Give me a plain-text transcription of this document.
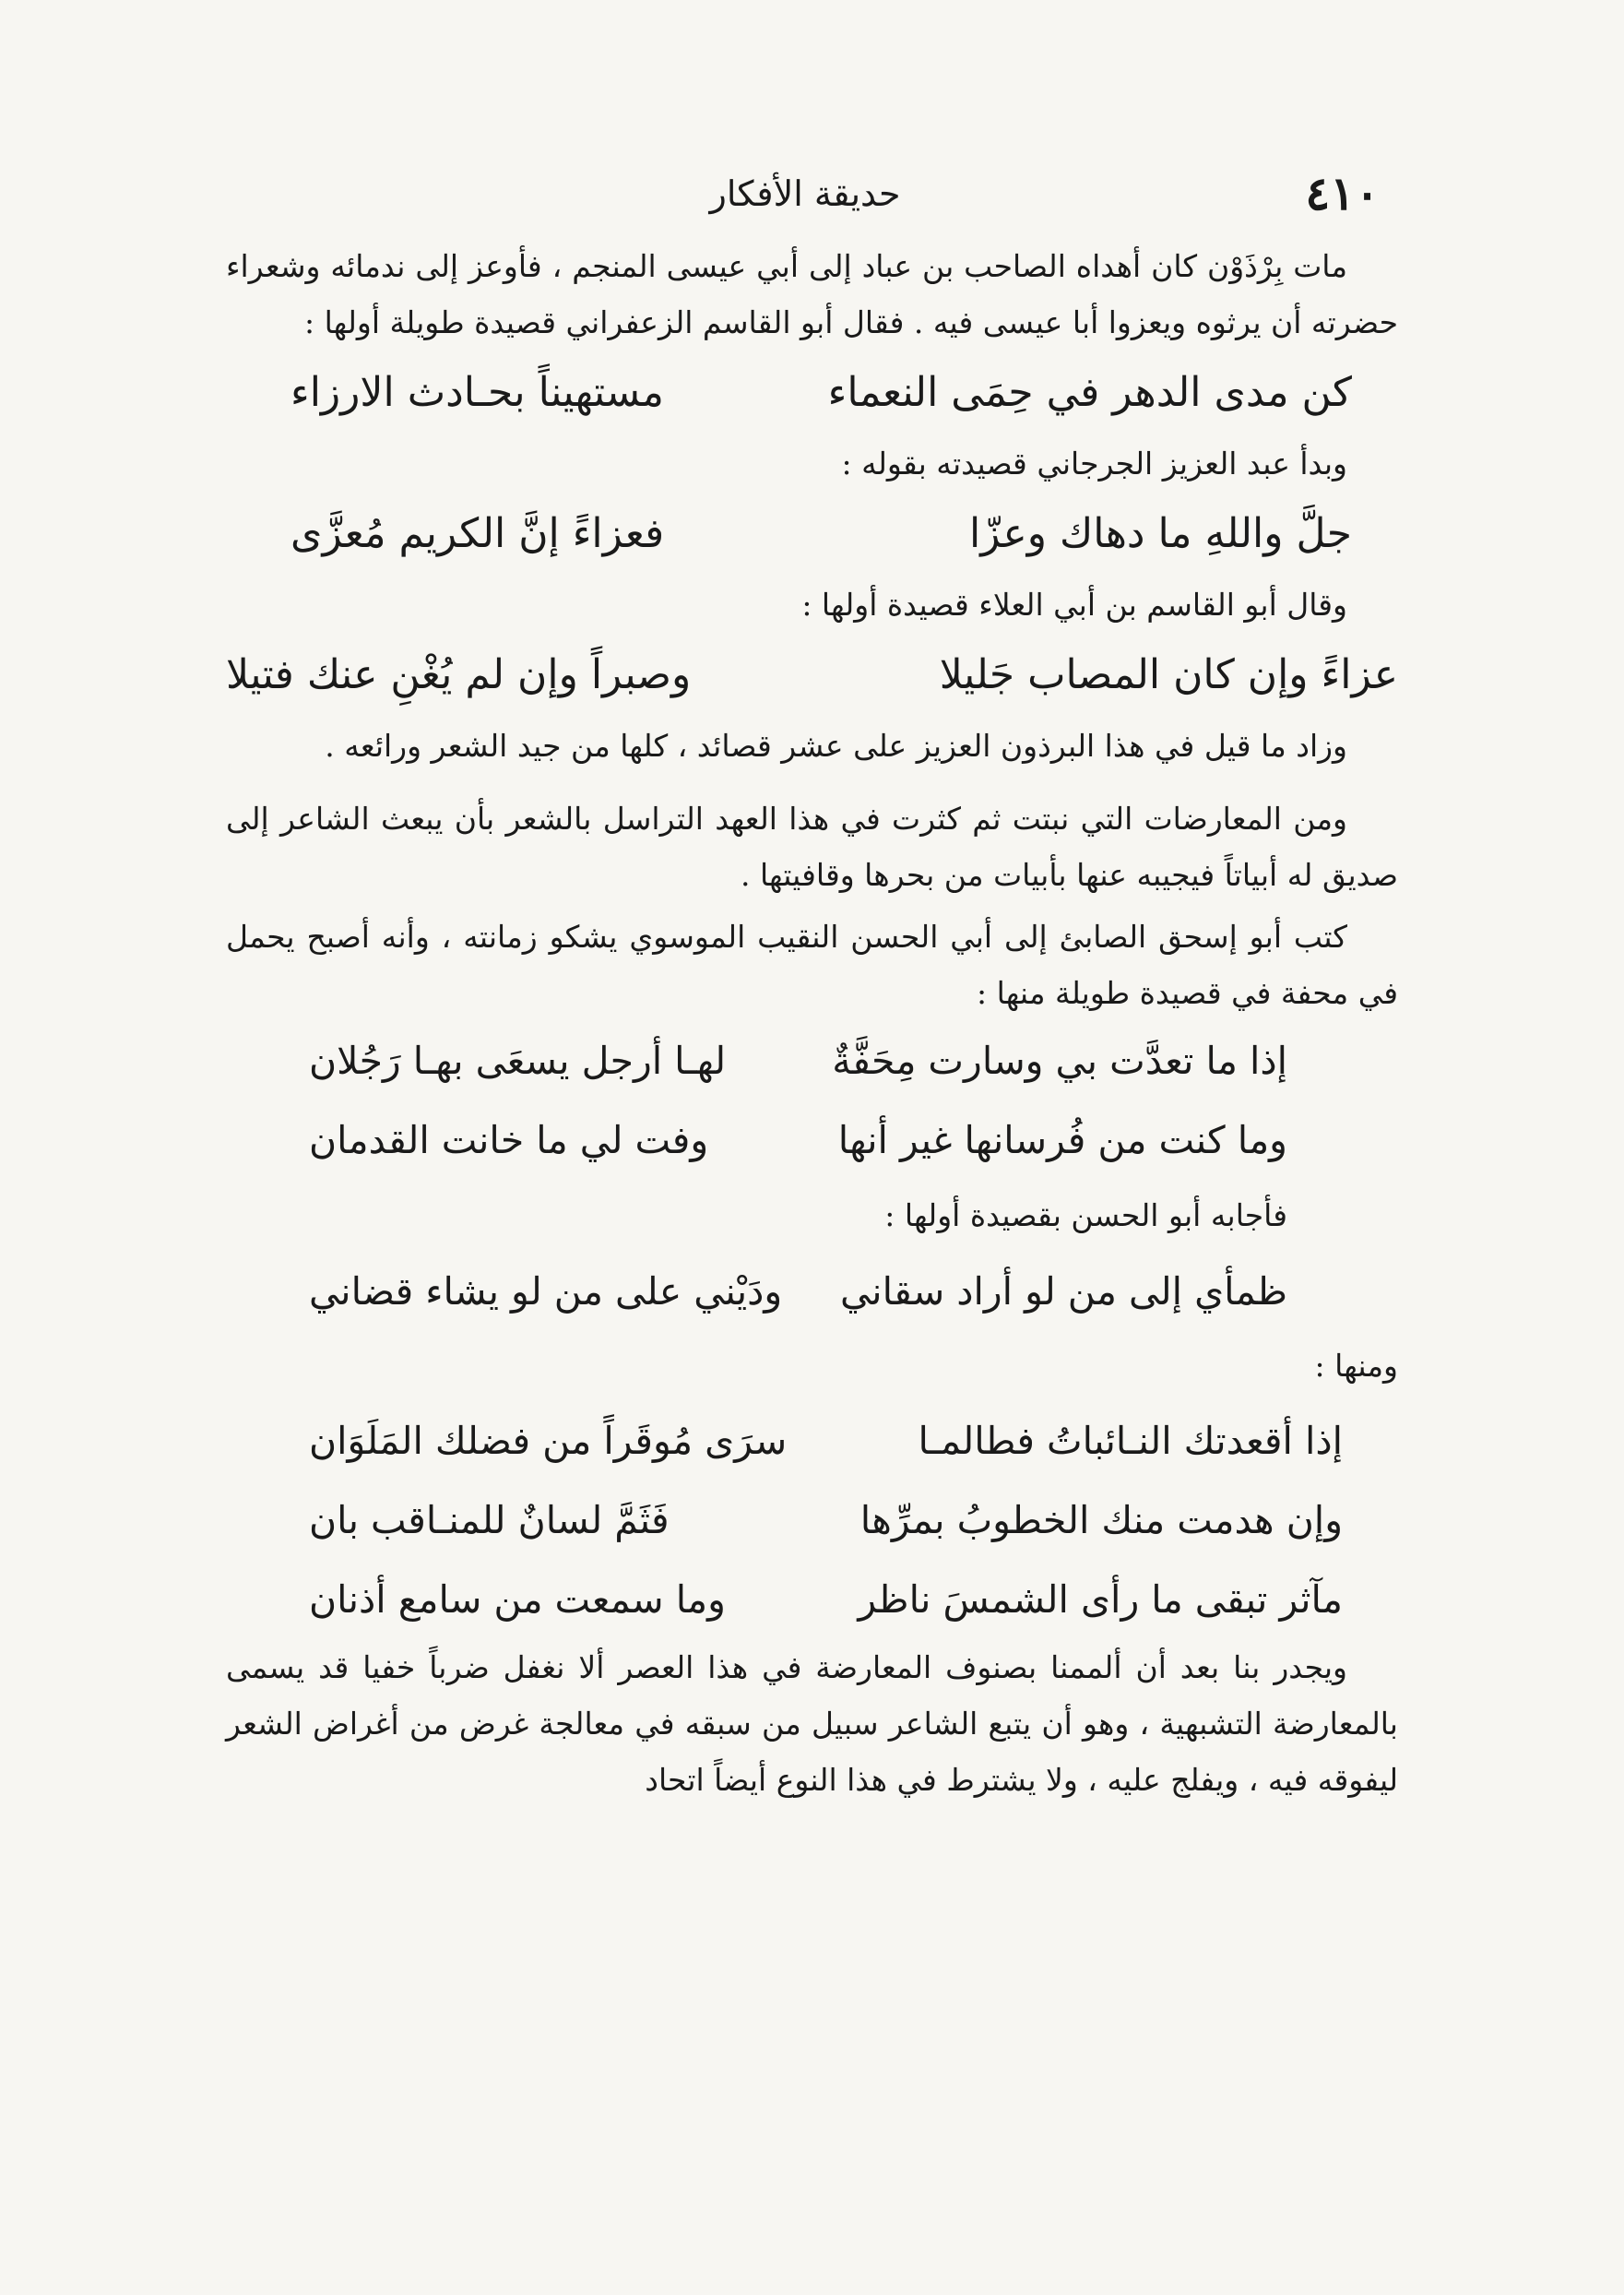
٤١٠
حديقة الأفكار

مات بِرْذَوْن كان أهداه الصاحب بن عباد إلى أبي عيسى المنجم ، فأوعز إلى ندمائه وشعراء حضرته أن يرثوه ويعزوا أبا عيسى فيه . فقال أبو القاسم الزعفراني قصيدة طويلة أولها :

كن مدى الدهر في حِمَى النعماء
مستهيناً بحـادث الارزاء

وبدأ عبد العزيز الجرجاني قصيدته بقوله :

جلَّ واللهِ ما دهاك وعزّا
فعزاءً إنَّ الكريم مُعزَّى

وقال أبو القاسم بن أبي العلاء قصيدة أولها :

عزاءً وإن كان المصاب جَليلا
وصبراً وإن لم يُغْنِ عنك فتيلا

وزاد ما قيل في هذا البرذون العزيز على عشر قصائد ، كلها من جيد الشعر ورائعه .

ومن المعارضات التي نبتت ثم كثرت في هذا العهد التراسل بالشعر بأن يبعث الشاعر إلى صديق له أبياتاً فيجيبه عنها بأبيات من بحرها وقافيتها .

كتب أبو إسحق الصابئ إلى أبي الحسن النقيب الموسوي يشكو زمانته ، وأنه أصبح يحمل في محفة في قصيدة طويلة منها :

إذا ما تعدَّت بي وسارت مِحَفَّةٌ
لهـا أرجل يسعَى بهـا رَجُلان
وما كنت من فُرسانها غير أنها
وفت لي ما خانت القدمان

فأجابه أبو الحسن بقصيدة أولها :

ظمأي إلى من لو أراد سقاني
ودَيْني على من لو يشاء قضاني

ومنها :

إذا أقعدتك النـائباتُ فطالمـا
سرَى مُوقَراً من فضلك المَلَوَان
وإن هدمت منك الخطوبُ بمرِّها
فَثَمَّ لسانٌ للمنـاقب بان
مآثر تبقى ما رأى الشمسَ ناظر
وما سمعت من سامع أذنان

ويجدر بنا بعد أن ألممنا بصنوف المعارضة في هذا العصر ألا نغفل ضرباً خفيا قد يسمى بالمعارضة التشبهية ، وهو أن يتبع الشاعر سبيل من سبقه في معالجة غرض من أغراض الشعر ليفوقه فيه ، ويفلج عليه ، ولا يشترط في هذا النوع أيضاً اتحاد
